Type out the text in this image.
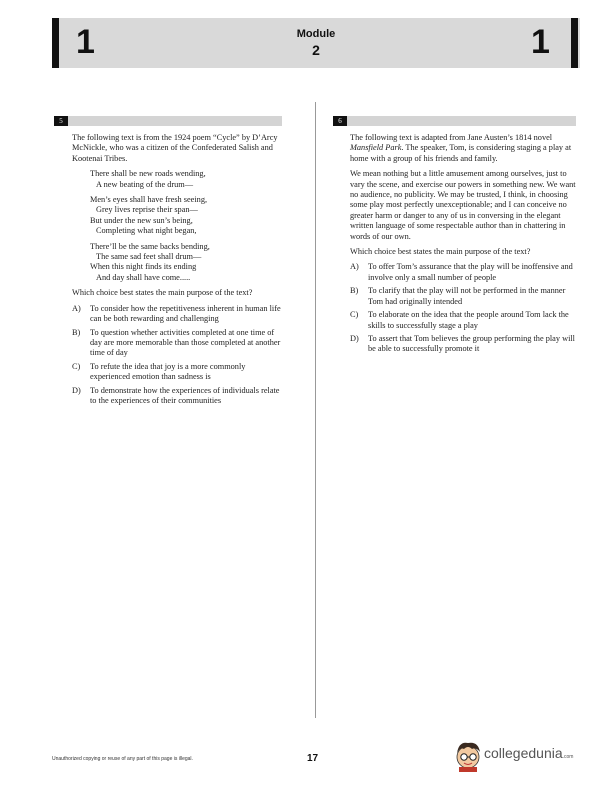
1	1
Module
2
5

The following text is from the 1924 poem “Cycle” by D’Arcy McNickle, who was a citizen of the Confederated Salish and Kootenai Tribes.

There shall be new roads wending,
A new beating of the drum—
Men’s eyes shall have fresh seeing,
Grey lives reprise their span—
But under the new sun’s being,
Completing what night began,
There’ll be the same backs bending,
The same sad feet shall drum—
When this night finds its ending
And day shall have come.....

Which choice best states the main purpose of the text?

A) To consider how the repetitiveness inherent in human life can be both rewarding and challenging
B) To question whether activities completed at one time of day are more memorable than those completed at another time of day
C) To refute the idea that joy is a more commonly experienced emotion than sadness is
D) To demonstrate how the experiences of individuals relate to the experiences of their communities
6

The following text is adapted from Jane Austen’s 1814 novel Mansfield Park. The speaker, Tom, is considering staging a play at home with a group of his friends and family.

We mean nothing but a little amusement among ourselves, just to vary the scene, and exercise our powers in something new. We want no audience, no publicity. We may be trusted, I think, in choosing some play most perfectly unexceptionable; and I can conceive no greater harm or danger to any of us in conversing in the elegant written language of some respectable author than in chattering in words of our own.

Which choice best states the main purpose of the text?

A) To offer Tom’s assurance that the play will be inoffensive and involve only a small number of people
B) To clarify that the play will not be performed in the manner Tom had originally intended
C) To elaborate on the idea that the people around Tom lack the skills to successfully stage a play
D) To assert that Tom believes the group performing the play will be able to successfully promote it
Unauthorized copying or reuse of any part of this page is illegal.	17	collegedunia.com
